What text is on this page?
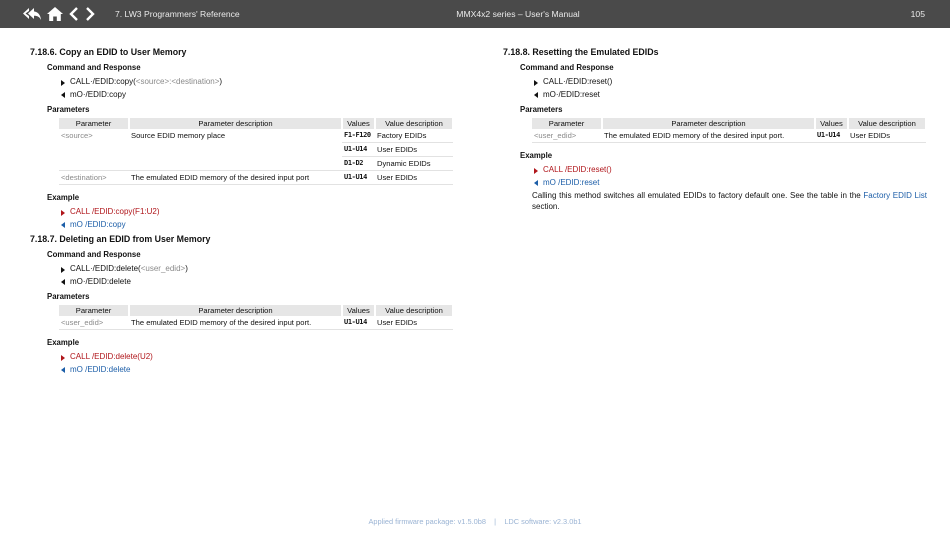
7. LW3 Programmers' Reference	MMX4x2 series – User's Manual	105
7.18.6. Copy an EDID to User Memory
Command and Response
CALL·/EDID:copy(<source>:<destination>)
mO·/EDID:copy
Parameters
Parameter	Parameter description	Values	Value description
<source>	Source EDID memory place	F1-F120	Factory EDIDs
		U1-U14	User EDIDs
		D1-D2	Dynamic EDIDs
<destination>	The emulated EDID memory of the desired input port	U1-U14	User EDIDs
Example
CALL /EDID:copy(F1:U2)
mO /EDID:copy
7.18.7. Deleting an EDID from User Memory
Command and Response
CALL·/EDID:delete(<user_edid>)
mO·/EDID:delete
Parameters
Parameter	Parameter description	Values	Value description
<user_edid>	The emulated EDID memory of the desired input port.	U1-U14	User EDIDs
Example
CALL /EDID:delete(U2)
mO /EDID:delete
7.18.8. Resetting the Emulated EDIDs
Command and Response
CALL·/EDID:reset()
mO·/EDID:reset
Parameters
Parameter	Parameter description	Values	Value description
<user_edid>	The emulated EDID memory of the desired input port.	U1-U14	User EDIDs
Example
CALL /EDID:reset()
mO /EDID:reset

Calling this method switches all emulated EDIDs to factory default one. See the table in the Factory EDID List section.

Applied firmware package: v1.5.0b8 | LDC software: v2.3.0b1
